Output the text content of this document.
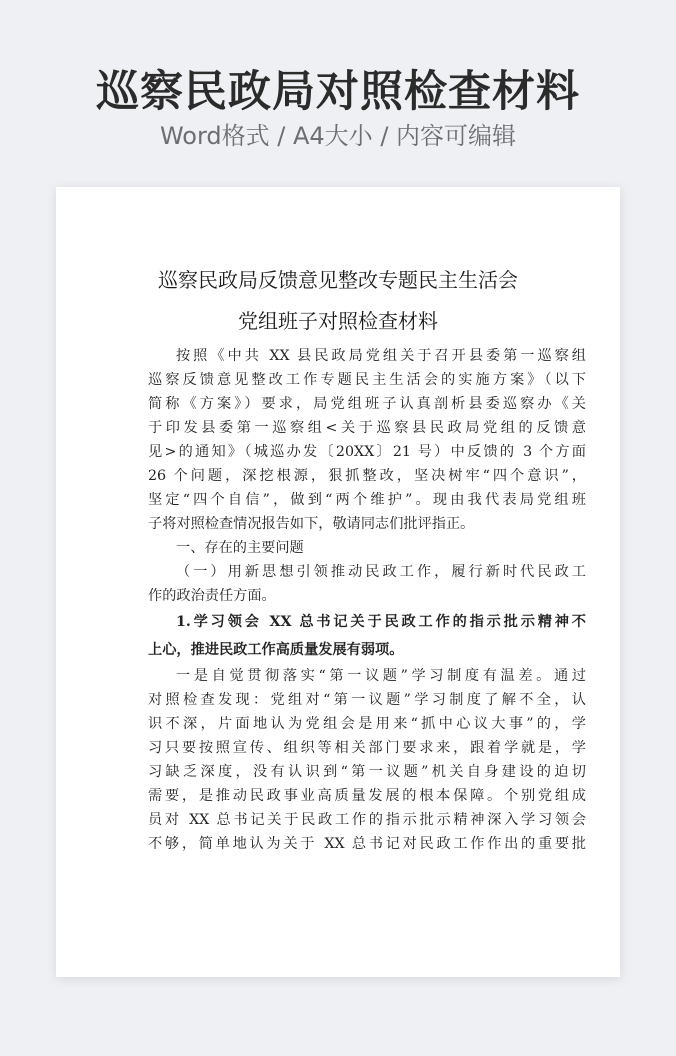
巡察民政局对照检查材料
Word格式 / A4大小 / 内容可编辑
巡察民政局反馈意见整改专题民主生活会
党组班子对照检查材料
按照《中共 XX 县民政局党组关于召开县委第一巡察组
巡察反馈意见整改工作专题民主生活会的实施方案》（以下
简称《方案》）要求，局党组班子认真剖析县委巡察办《关
于印发县委第一巡察组<关于巡察县民政局党组的反馈意
见>的通知》（城巡办发〔20XX〕21 号）中反馈的 3 个方面
26 个问题，深挖根源，狠抓整改，坚决树牢“四个意识”，
坚定“四个自信”，做到“两个维护”。现由我代表局党组班
子将对照检查情况报告如下，敬请同志们批评指正。
一、存在的主要问题
（一）用新思想引领推动民政工作，履行新时代民政工
作的政治责任方面。
1.学习领会 XX 总书记关于民政工作的指示批示精神不
上心，推进民政工作高质量发展有弱项。
一是自觉贯彻落实“第一议题”学习制度有温差。通过
对照检查发现：党组对“第一议题”学习制度了解不全，认
识不深，片面地认为党组会是用来“抓中心议大事”的，学
习只要按照宣传、组织等相关部门要求来，跟着学就是，学
习缺乏深度，没有认识到“第一议题”机关自身建设的迫切
需要，是推动民政事业高质量发展的根本保障。个别党组成
员对 XX 总书记关于民政工作的指示批示精神深入学习领会
不够，简单地认为关于 XX 总书记对民政工作作出的重要批
